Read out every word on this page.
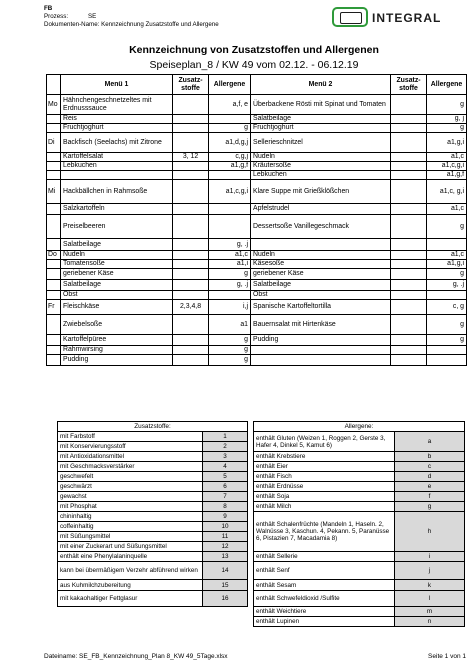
FB
Prozess:	SE
Dokumenten-Name: Kennzeichnung Zusatzstoffe und Allergene	INTEGRAL
Kennzeichnung von Zusatzstoffen und Allergenen
Speiseplan_8 / KW 49 vom 02.12. - 06.12.19
	Menü 1	Zusatz-stoffe	Allergene	Menü 2	Zusatz-stoffe	Allergene
Mo	Hähnchengeschnetzeltes mit Erdnusssauce		a,f, e	Überbackene Rösti mit Spinat und Tomaten		g
	Reis			Salatbeilage		g, j
	Fruchtjoghurt		g	Fruchtjoghurt		g
Di	Backfisch (Seelachs) mit Zitrone		a1,d,g,j	Sellerieschnitzel		a1,g,i
	Kartoffelsalat	3, 12	c,g,j	Nudeln		a1,c
	Lebkuchen		a1,g,f	Kräutersoße		a1,c,g,i
				Lebkuchen		a1,g,f
Mi	Hackbällchen in Rahmsoße		a1,c,g,i	Klare Suppe mit Grießklößchen		a1,c, g,i
	Salzkartoffeln			Apfelstrudel		a1,c
	Preiselbeeren			Dessertsoße Vanillegeschmack		g
	Salatbeilage		g, .j			
Do	Nudeln		a1,c	Nudeln		a1,c
	Tomatensoße		a1,i	Käsesoße		a1,g,i
	geriebener Käse		g	geriebener Käse		g
	Salatbeilage		g, .j	Salatbeilage		g, .j
	Obst			Obst		
Fr	Fleischkäse	2,3,4,8	i,j	Spanische Kartoffeltortilla		c, g
	Zwiebelsoße		a1	Bauernsalat mit Hirtenkäse		g
	Kartoffelpüree		g	Pudding		g
	Rahmwirsing		g			
	Pudding		g			
Zusatzstoffe:			Allergene:	
mit Farbstoff	1		enthält Gluten (Weizen 1, Roggen 2, Gerste 3, Hafer 4, Dinkel 5, Kamut 6)	a
mit Konservierungsstoff	2			
mit Antioxidationsmittel	3		enthält Krebstiere	b
mit Geschmacksverstärker	4		enthält Eier	c
geschwefelt	5		enthält Fisch	d
geschwärzt	6		enthält Erdnüsse	e
gewachst	7		enthält Soja	f
mit Phosphat	8		enthält Milch	g
chininhaltig	9		enthält Schalenfrüchte (Mandeln 1, Haseln. 2, Walnüsse 3, Kaschun. 4, Pekann. 5, Paranüsse 6, Pistazien 7, Macadamia 8)	h
coffeinhaltig	10			
mit Süßungsmittel	11			
mit einer Zuckerart und Süßungsmittel	12			
enthält eine Phenylalaninquelle	13		enthält Sellerie	i
kann bei übermäßigem Verzehr abführend wirken	14		enthält Senf	j
aus Kuhmilchzubereitung	15		enthält Sesam	k
mit kakaohaltiger Fettglasur	16		enthält Schwefeldioxid /Sulfite	l
			enthält Weichtiere	m
			enthält Lupinen	n
Dateiname: SE_FB_Kennzeichnung_Plan 8_KW 49_5Tage.xlsx	Seite 1 von 1
